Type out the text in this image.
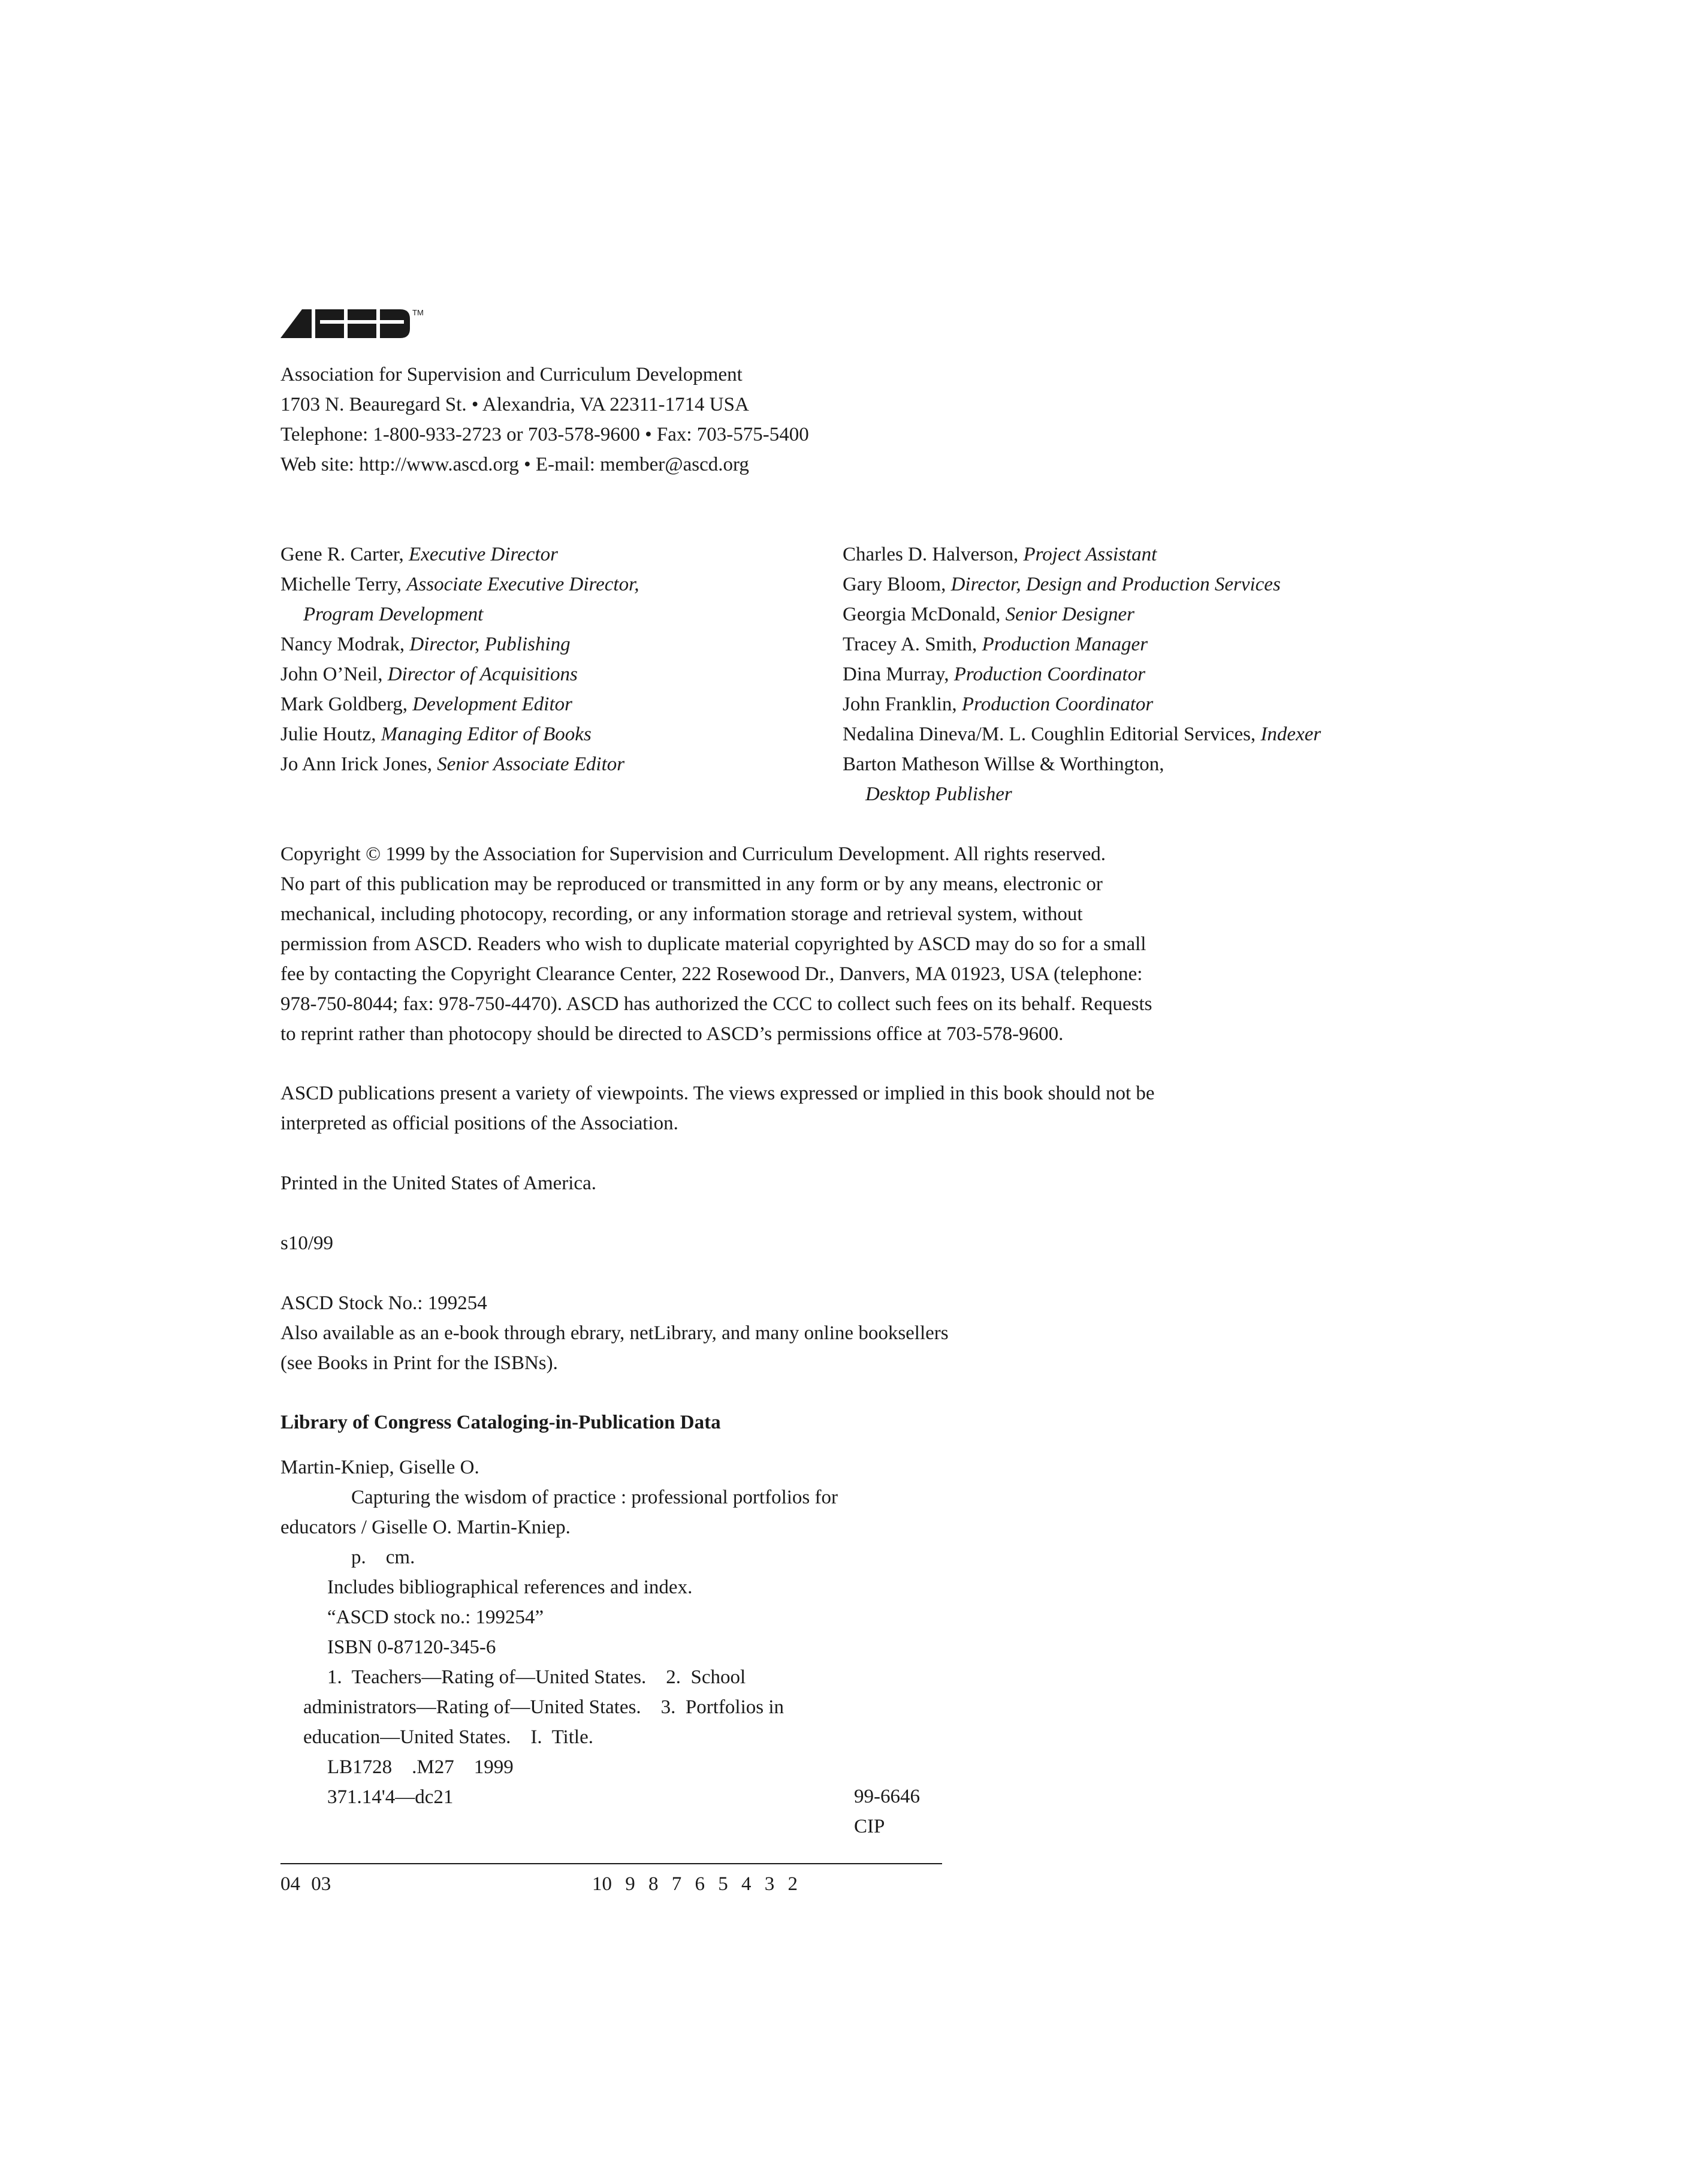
TM
Association for Supervision and Curriculum Development
1703 N. Beauregard St. • Alexandria, VA 22311-1714 USA
Telephone: 1-800-933-2723 or 703-578-9600 • Fax: 703-575-5400
Web site: http://www.ascd.org • E-mail: member@ascd.org
Gene R. Carter, Executive Director
Michelle Terry, Associate Executive Director,
Program Development
Nancy Modrak, Director, Publishing
John O’Neil, Director of Acquisitions
Mark Goldberg, Development Editor
Julie Houtz, Managing Editor of Books
Jo Ann Irick Jones, Senior Associate Editor
Charles D. Halverson, Project Assistant
Gary Bloom, Director, Design and Production Services
Georgia McDonald, Senior Designer
Tracey A. Smith, Production Manager
Dina Murray, Production Coordinator
John Franklin, Production Coordinator
Nedalina Dineva/M. L. Coughlin Editorial Services, Indexer
Barton Matheson Willse & Worthington,
Desktop Publisher
Copyright © 1999 by the Association for Supervision and Curriculum Development. All rights reserved.
No part of this publication may be reproduced or transmitted in any form or by any means, electronic or
mechanical, including photocopy, recording, or any information storage and retrieval system, without
permission from ASCD. Readers who wish to duplicate material copyrighted by ASCD may do so for a small
fee by contacting the Copyright Clearance Center, 222 Rosewood Dr., Danvers, MA 01923, USA (telephone:
978-750-8044; fax: 978-750-4470). ASCD has authorized the CCC to collect such fees on its behalf. Requests
to reprint rather than photocopy should be directed to ASCD’s permissions office at 703-578-9600.
ASCD publications present a variety of viewpoints. The views expressed or implied in this book should not be
interpreted as official positions of the Association.
Printed in the United States of America.
s10/99
ASCD Stock No.: 199254
Also available as an e-book through ebrary, netLibrary, and many online booksellers
(see Books in Print for the ISBNs).
Library of Congress Cataloging-in-Publication Data
Martin-Kniep, Giselle O.
Capturing the wisdom of practice : professional portfolios for
educators / Giselle O. Martin-Kniep.
p.    cm.
Includes bibliographical references and index.
“ASCD stock no.: 199254”
ISBN 0-87120-345-6
1.  Teachers—Rating of—United States.    2.  School
administrators—Rating of—United States.    3.  Portfolios in
education—United States.    I.  Title.
LB1728    .M27    1999
371.14'4—dc21	99-6646
CIP
04 03	10 9 8 7 6 5 4 3 2
